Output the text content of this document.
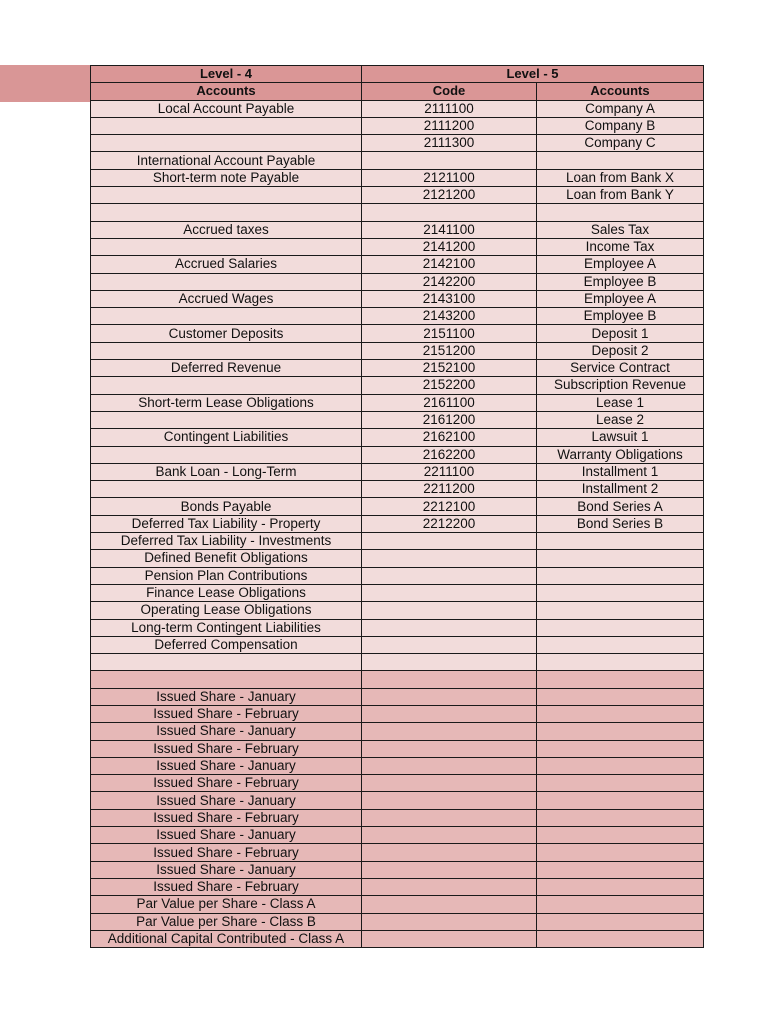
Level - 4	Level - 5	
Accounts	Code	Accounts
Local Account Payable	2111100	Company A
	2111200	Company B
	2111300	Company C
International Account Payable		
Short-term note Payable	2121100	Loan from Bank X
	2121200	Loan from Bank Y

Accrued taxes	2141100	Sales Tax
	2141200	Income Tax
Accrued Salaries	2142100	Employee A
	2142200	Employee B
Accrued Wages	2143100	Employee A
	2143200	Employee B
Customer Deposits	2151100	Deposit 1
	2151200	Deposit 2
Deferred Revenue	2152100	Service Contract
	2152200	Subscription Revenue
Short-term Lease Obligations	2161100	Lease 1
	2161200	Lease 2
Contingent Liabilities	2162100	Lawsuit 1
	2162200	Warranty Obligations
Bank Loan - Long-Term	2211100	Installment 1
	2211200	Installment 2
Bonds Payable	2212100	Bond Series A
Deferred Tax Liability - Property	2212200	Bond Series B
Deferred Tax Liability - Investments		
Defined Benefit Obligations		
Pension Plan Contributions		
Finance Lease Obligations		
Operating Lease Obligations		
Long-term Contingent Liabilities		
Deferred Compensation		

Issued Share - January		
Issued Share - February		
Issued Share - January		
Issued Share - February		
Issued Share - January		
Issued Share - February		
Issued Share - January		
Issued Share - February		
Issued Share - January		
Issued Share - February		
Issued Share - January		
Issued Share - February		
Par Value per Share - Class A		
Par Value per Share - Class B		
Additional Capital Contributed - Class A		
